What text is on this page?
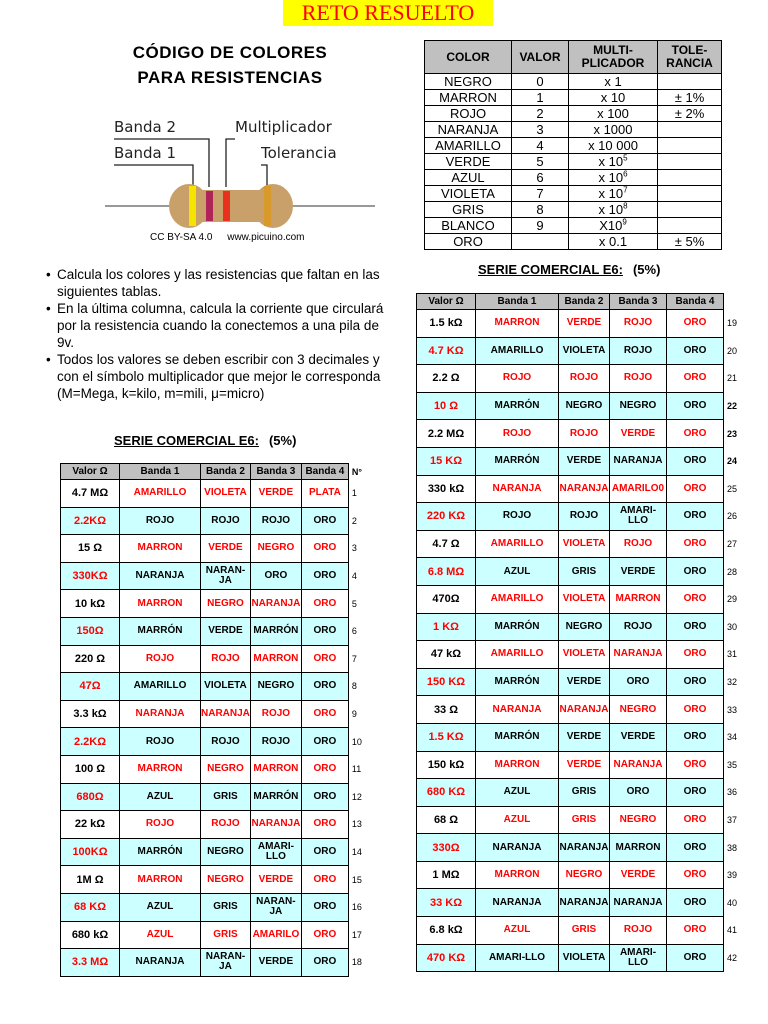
RETO RESUELTO
CÓDIGO DE COLORES
PARA RESISTENCIAS
Banda 2
Banda 1
Multiplicador
Tolerancia
CC BY-SA 4.0 www.picuino.com
• Calcula los colores y las resistencias que faltan en las siguientes tablas.
• En la última columna, calcula la corriente que circulará por la resistencia cuando la conectemos a una pila de 9v.
• Todos los valores se deben escribir con 3 decimales y con el símbolo multiplicador que mejor le corresponda (M=Mega, k=kilo, m=mili, μ=micro)
COLOR	VALOR	MULTI-PLICADOR	TOLE-RANCIA
NEGRO	0	x 1	
MARRON	1	x 10	± 1%
ROJO	2	x 100	± 2%
NARANJA	3	x 1000	
AMARILLO	4	x 10 000	
VERDE	5	x $10^5$	
AZUL	6	x $10^6$	
VIOLETA	7	x $10^7$	
GRIS	8	x $10^8$	
BLANCO	9	$X10^9$	
ORO		x 0.1	± 5%
SERIE COMERCIAL E6: (5%)
SERIE COMERCIAL E6: (5%)
Valor Ω	Banda 1	Banda 2	Banda 3	Banda 4	N°
4.7 MΩ	AMARILLO	VIOLETA	VERDE	PLATA	1
2.2KΩ	ROJO	ROJO	ROJO	ORO	2
15 Ω	MARRON	VERDE	NEGRO	ORO	3
330KΩ	NARANJA	NARAN-JA	ORO	ORO	4
10 kΩ	MARRON	NEGRO	NARANJA	ORO	5
150Ω	MARRÓN	VERDE	MARRÓN	ORO	6
220 Ω	ROJO	ROJO	MARRON	ORO	7
47Ω	AMARILLO	VIOLETA	NEGRO	ORO	8
3.3 kΩ	NARANJA	NARANJA	ROJO	ORO	9
2.2KΩ	ROJO	ROJO	ROJO	ORO	10
100 Ω	MARRON	NEGRO	MARRON	ORO	11
680Ω	AZUL	GRIS	MARRÓN	ORO	12
22 kΩ	ROJO	ROJO	NARANJA	ORO	13
100KΩ	MARRÓN	NEGRO	AMARI-LLO	ORO	14
1M Ω	MARRON	NEGRO	VERDE	ORO	15
68 KΩ	AZUL	GRIS	NARAN-JA	ORO	16
680 kΩ	AZUL	GRIS	AMARILO	ORO	17
3.3 MΩ	NARANJA	NARAN-JA	VERDE	ORO	18
Valor Ω	Banda 1	Banda 2	Banda 3	Banda 4	
1.5 kΩ	MARRON	VERDE	ROJO	ORO	19
4.7 KΩ	AMARILLO	VIOLETA	ROJO	ORO	20
2.2 Ω	ROJO	ROJO	ROJO	ORO	21
10 Ω	MARRÓN	NEGRO	NEGRO	ORO	22
2.2 MΩ	ROJO	ROJO	VERDE	ORO	23
15 KΩ	MARRÓN	VERDE	NARANJA	ORO	24
330 kΩ	NARANJA	NARANJA	AMARILO0	ORO	25
220 KΩ	ROJO	ROJO	AMARI-LLO	ORO	26
4.7 Ω	AMARILLO	VIOLETA	ROJO	ORO	27
6.8 MΩ	AZUL	GRIS	VERDE	ORO	28
470Ω	AMARILLO	VIOLETA	MARRON	ORO	29
1 KΩ	MARRÓN	NEGRO	ROJO	ORO	30
47 kΩ	AMARILLO	VIOLETA	NARANJA	ORO	31
150 KΩ	MARRÓN	VERDE	ORO	ORO	32
33 Ω	NARANJA	NARANJA	NEGRO	ORO	33
1.5 KΩ	MARRÓN	VERDE	VERDE	ORO	34
150 kΩ	MARRON	VERDE	NARANJA	ORO	35
680 KΩ	AZUL	GRIS	ORO	ORO	36
68 Ω	AZUL	GRIS	NEGRO	ORO	37
330Ω	NARANJA	NARANJA	MARRON	ORO	38
1 MΩ	MARRON	NEGRO	VERDE	ORO	39
33 KΩ	NARANJA	NARANJA	NARANJA	ORO	40
6.8 kΩ	AZUL	GRIS	ROJO	ORO	41
470 KΩ	AMARI-LLO	VIOLETA	AMARI-LLO	ORO	42
